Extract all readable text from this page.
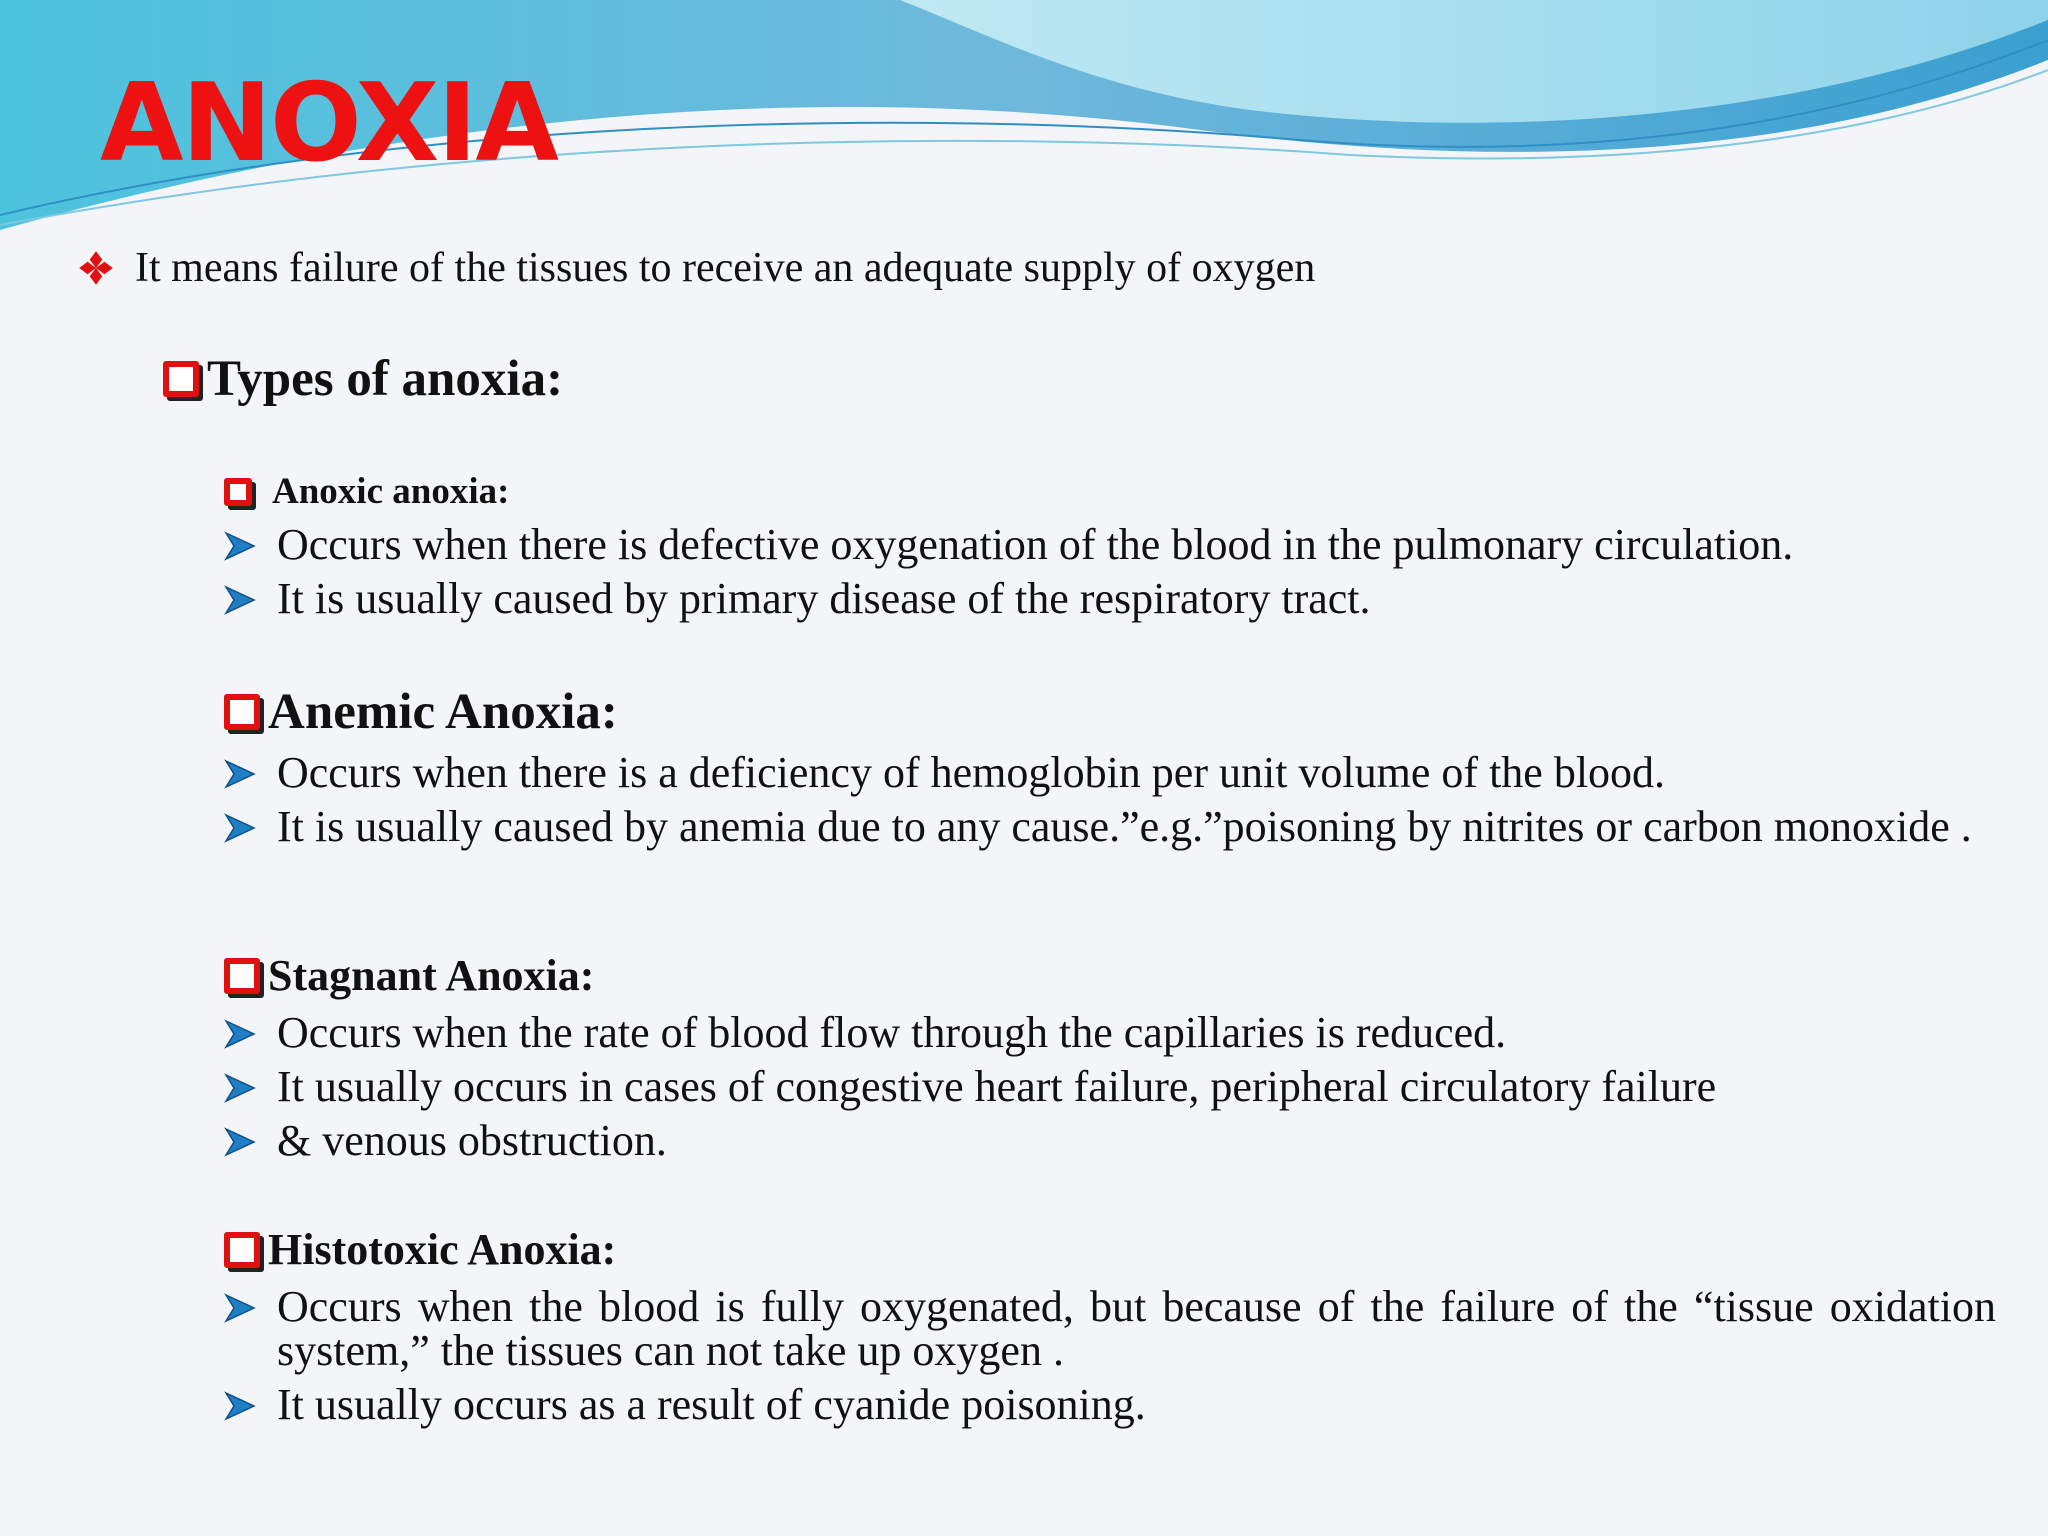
ANOXIA
It means failure of the tissues to receive an adequate supply of oxygen
Types of anoxia:
Anoxic anoxia:
Occurs when there is defective oxygenation of the blood in the pulmonary circulation.
It is usually caused by primary disease of the respiratory tract.
Anemic Anoxia:
Occurs when there is a deficiency of hemoglobin per unit volume of the blood.
It is usually caused by anemia due to any cause.”e.g.”poisoning by nitrites or carbon monoxide .
Stagnant Anoxia:
Occurs when the rate of blood flow through the capillaries is reduced.
It usually occurs in cases of congestive heart failure, peripheral circulatory failure
& venous obstruction.
Histotoxic Anoxia:
Occurs when the blood is fully oxygenated, but because of the failure of the “tissue oxidation system,” the tissues can not take up oxygen .
It usually occurs as a result of cyanide poisoning.
